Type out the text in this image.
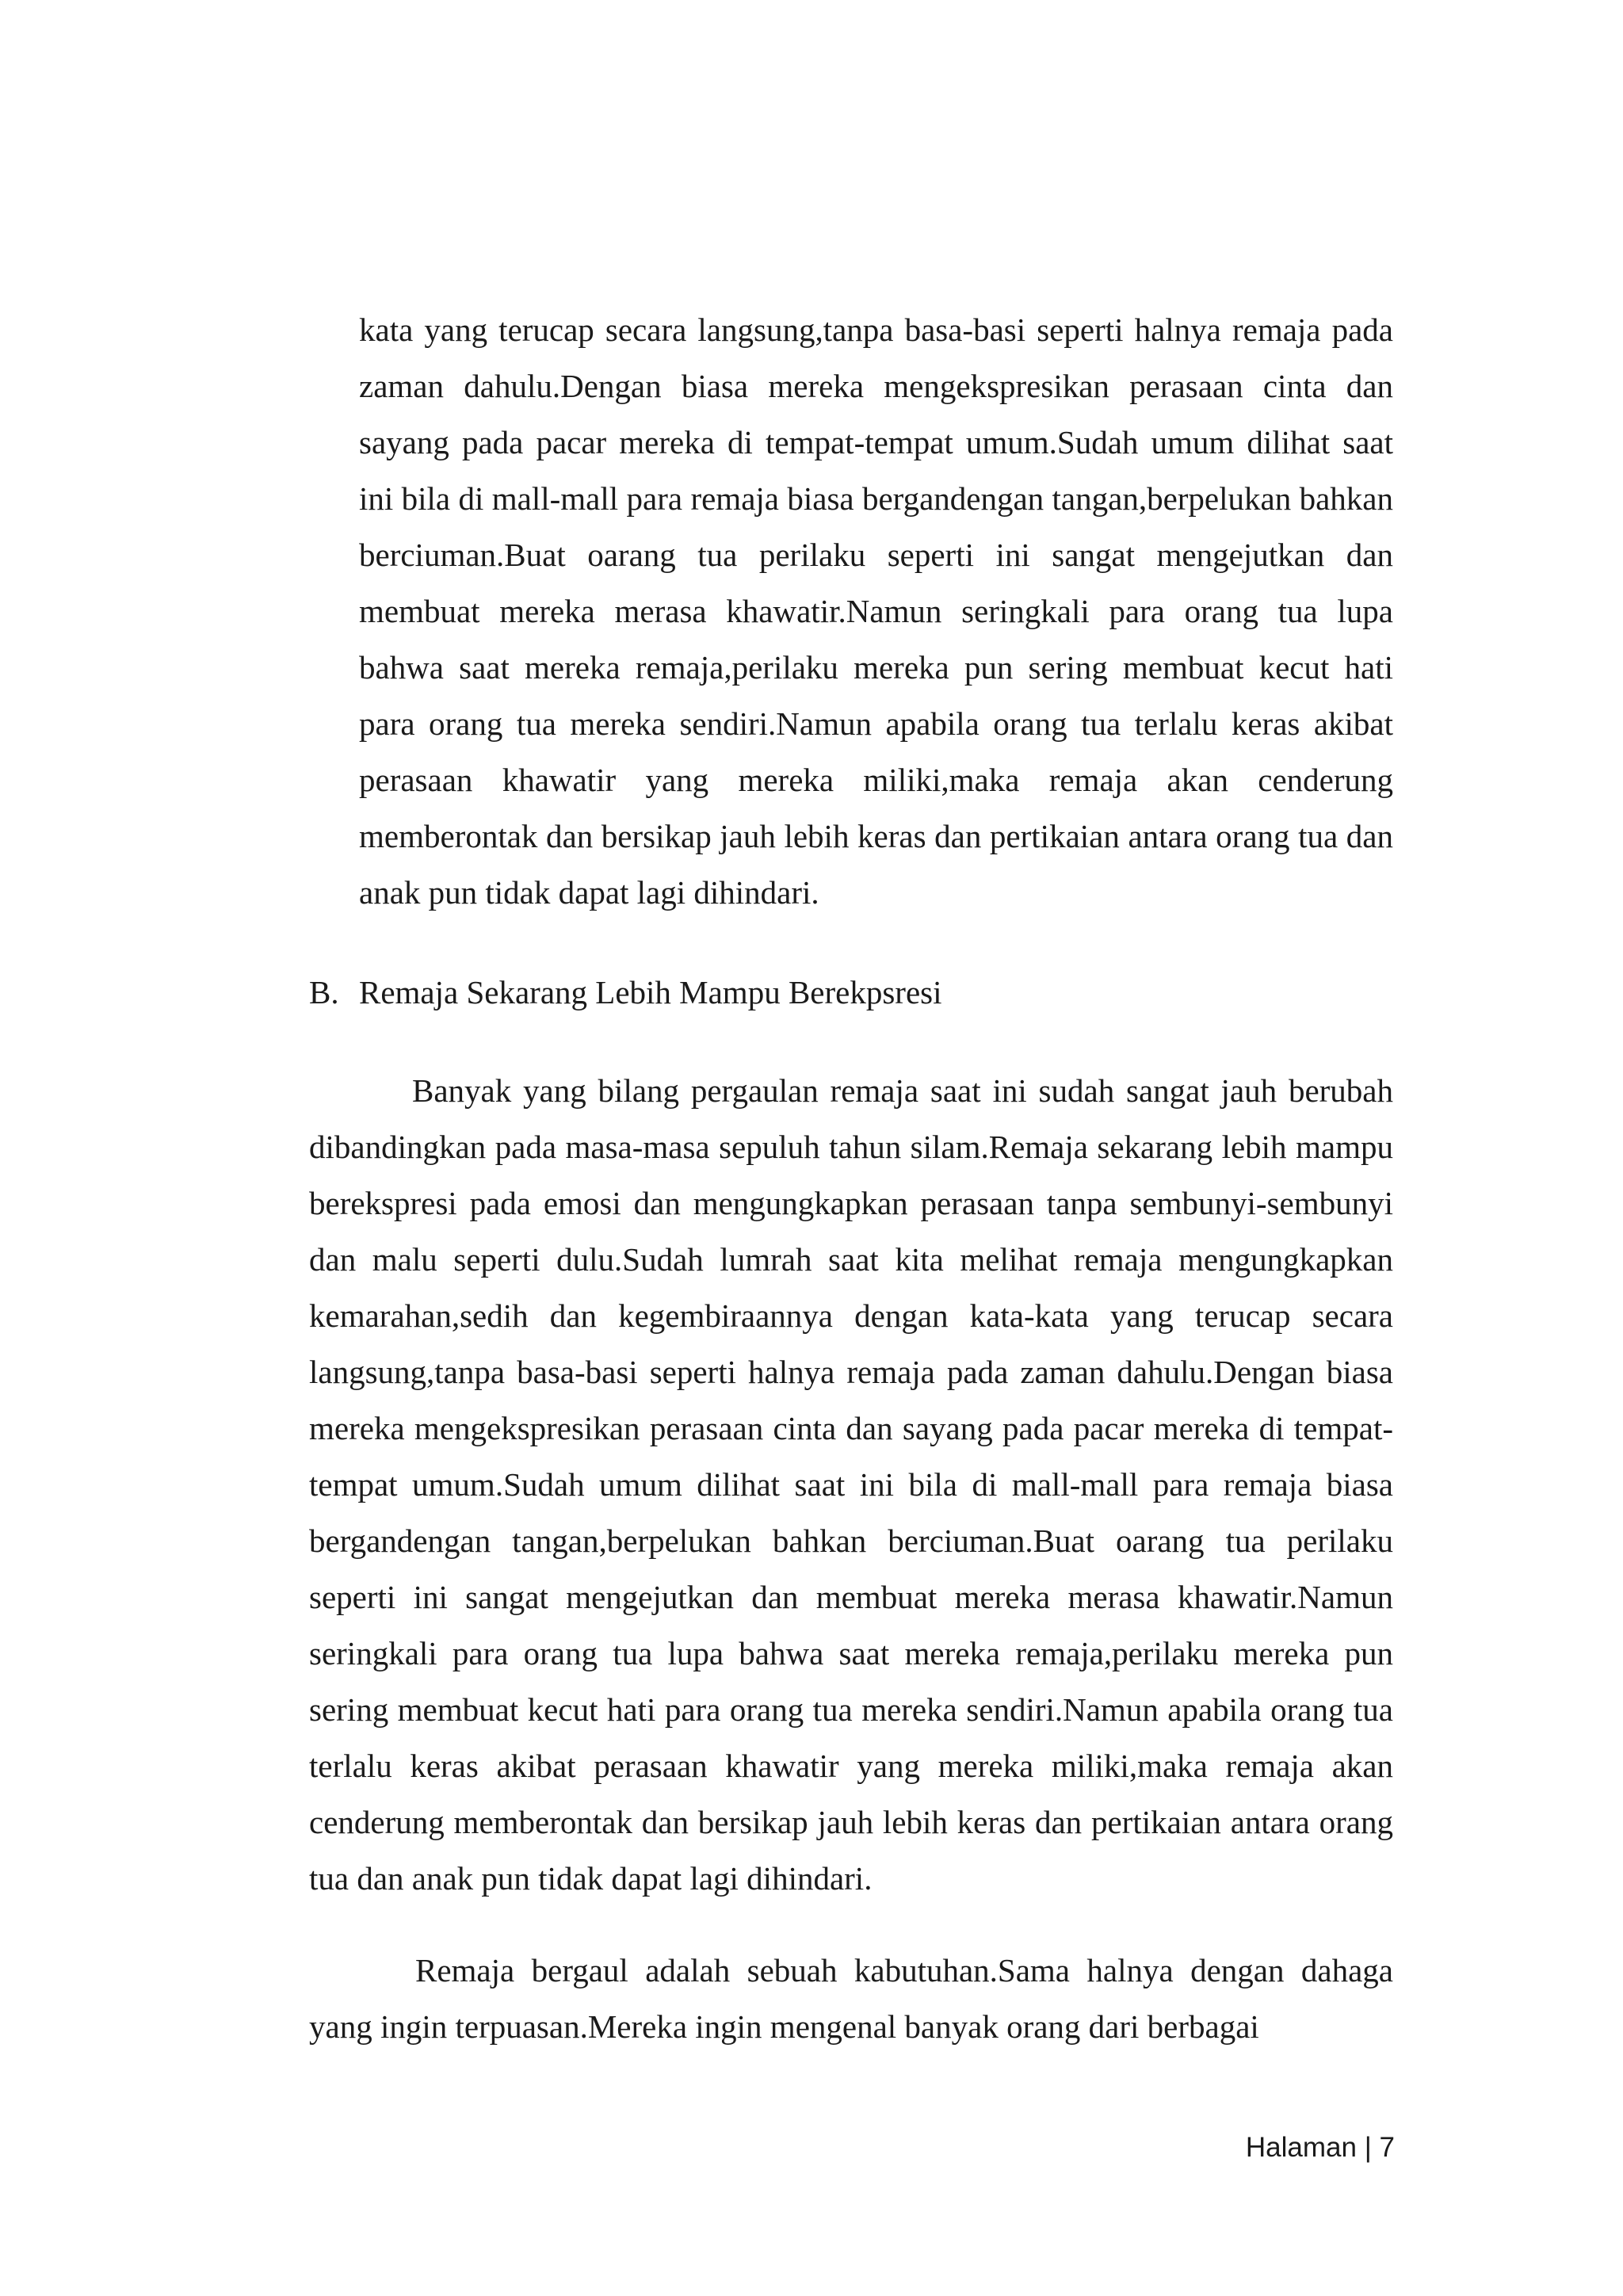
kata yang terucap secara langsung,tanpa basa-basi seperti halnya remaja pada zaman dahulu.Dengan biasa mereka mengekspresikan perasaan cinta dan sayang pada pacar mereka di tempat-tempat umum.Sudah umum dilihat saat ini bila di mall-mall para remaja biasa bergandengan tangan,berpelukan bahkan berciuman.Buat oarang tua perilaku seperti ini sangat mengejutkan dan membuat mereka merasa khawatir.Namun seringkali para orang tua lupa bahwa saat mereka remaja,perilaku mereka pun sering membuat kecut hati para orang tua mereka sendiri.Namun apabila orang tua terlalu keras akibat perasaan khawatir yang mereka miliki,maka remaja akan cenderung memberontak dan bersikap jauh lebih keras dan pertikaian antara orang tua dan anak pun tidak dapat lagi dihindari.

B. Remaja Sekarang Lebih Mampu Berekpsresi

Banyak yang bilang pergaulan remaja saat ini sudah sangat jauh berubah dibandingkan pada masa-masa sepuluh tahun silam.Remaja sekarang lebih mampu berekspresi pada emosi dan mengungkapkan perasaan tanpa sembunyi-sembunyi dan malu seperti dulu.Sudah lumrah saat kita melihat remaja mengungkapkan kemarahan,sedih dan kegembiraannya dengan kata-kata yang terucap secara langsung,tanpa basa-basi seperti halnya remaja pada zaman dahulu.Dengan biasa mereka mengekspresikan perasaan cinta dan sayang pada pacar mereka di tempat-tempat umum.Sudah umum dilihat saat ini bila di mall-mall para remaja biasa bergandengan tangan,berpelukan bahkan berciuman.Buat oarang tua perilaku seperti ini sangat mengejutkan dan membuat mereka merasa khawatir.Namun seringkali para orang tua lupa bahwa saat mereka remaja,perilaku mereka pun sering membuat kecut hati para orang tua mereka sendiri.Namun apabila orang tua terlalu keras akibat perasaan khawatir yang mereka miliki,maka remaja akan cenderung memberontak dan bersikap jauh lebih keras dan pertikaian antara orang tua dan anak pun tidak dapat lagi dihindari.

Remaja bergaul adalah sebuah kabutuhan.Sama halnya dengan dahaga yang ingin terpuasan.Mereka ingin mengenal banyak orang dari berbagai

Halaman | 7
